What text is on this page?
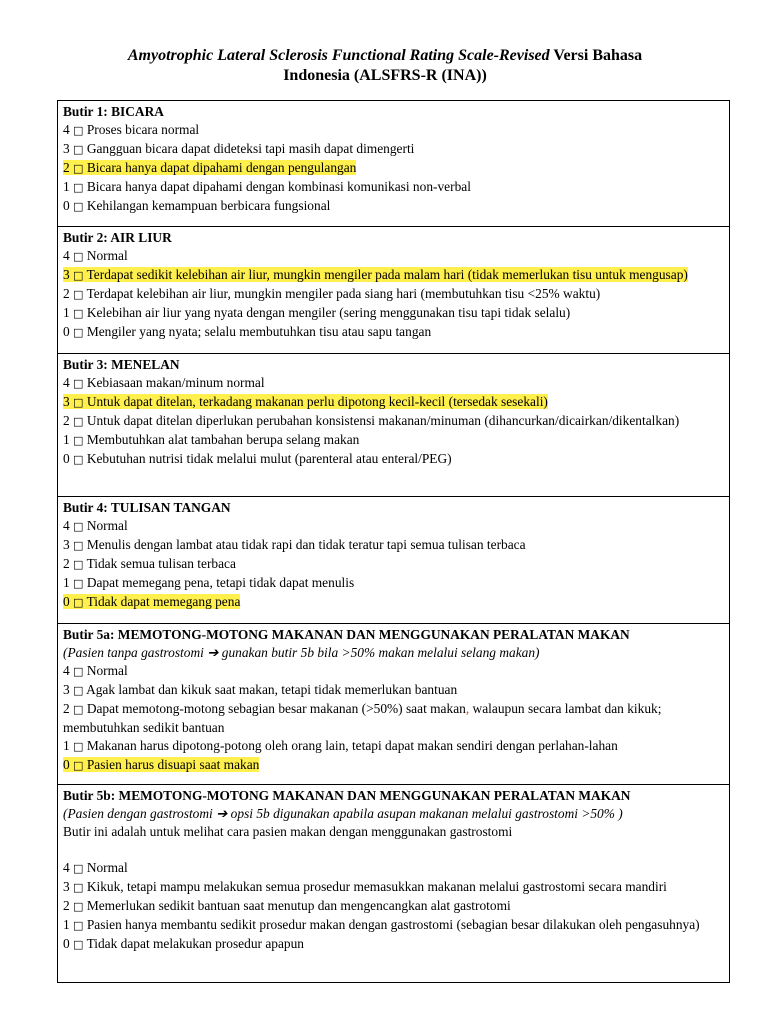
Amyotrophic Lateral Sclerosis Functional Rating Scale-Revised Versi Bahasa
Indonesia (ALSFRS-R (INA))
Butir 1: BICARA
4 □ Proses bicara normal
3 □ Gangguan bicara dapat dideteksi tapi masih dapat dimengerti
2 □ Bicara hanya dapat dipahami dengan pengulangan
1 □ Bicara hanya dapat dipahami dengan kombinasi komunikasi non-verbal
0 □ Kehilangan kemampuan berbicara fungsional
Butir 2: AIR LIUR
4 □ Normal
3 □ Terdapat sedikit kelebihan air liur, mungkin mengiler pada malam hari (tidak memerlukan tisu untuk mengusap)
2 □ Terdapat kelebihan air liur, mungkin mengiler pada siang hari (membutuhkan tisu <25% waktu)
1 □ Kelebihan air liur yang nyata dengan mengiler (sering menggunakan tisu tapi tidak selalu)
0 □ Mengiler yang nyata; selalu membutuhkan tisu atau sapu tangan
Butir 3: MENELAN
4 □ Kebiasaan makan/minum normal
3 □ Untuk dapat ditelan, terkadang makanan perlu dipotong kecil-kecil (tersedak sesekali)
2 □ Untuk dapat ditelan diperlukan perubahan konsistensi makanan/minuman (dihancurkan/dicairkan/dikentalkan)
1 □ Membutuhkan alat tambahan berupa selang makan
0 □ Kebutuhan nutrisi tidak melalui mulut (parenteral atau enteral/PEG)
Butir 4: TULISAN TANGAN
4 □ Normal
3 □ Menulis dengan lambat atau tidak rapi dan tidak teratur tapi semua tulisan terbaca
2 □ Tidak semua tulisan terbaca
1 □ Dapat memegang pena, tetapi tidak dapat menulis
0 □ Tidak dapat memegang pena
Butir 5a: MEMOTONG-MOTONG MAKANAN DAN MENGGUNAKAN PERALATAN MAKAN
(Pasien tanpa gastrostomi ➔ gunakan butir 5b bila >50% makan melalui selang makan)
4 □ Normal
3 □ Agak lambat dan kikuk saat makan, tetapi tidak memerlukan bantuan
2 □ Dapat memotong-motong sebagian besar makanan (>50%) saat makan, walaupun secara lambat dan kikuk; membutuhkan sedikit bantuan
1 □ Makanan harus dipotong-potong oleh orang lain, tetapi dapat makan sendiri dengan perlahan-lahan
0 □ Pasien harus disuapi saat makan
Butir 5b: MEMOTONG-MOTONG MAKANAN DAN MENGGUNAKAN PERALATAN MAKAN
(Pasien dengan gastrostomi ➔ opsi 5b digunakan apabila asupan makanan melalui gastrostomi >50% )
Butir ini adalah untuk melihat cara pasien makan dengan menggunakan gastrostomi

4 □ Normal
3 □ Kikuk, tetapi mampu melakukan semua prosedur memasukkan makanan melalui gastrostomi secara mandiri
2 □ Memerlukan sedikit bantuan saat menutup dan mengencangkan alat gastrotomi
1 □ Pasien hanya membantu sedikit prosedur makan dengan gastrostomi (sebagian besar dilakukan oleh pengasuhnya)
0 □ Tidak dapat melakukan prosedur apapun
